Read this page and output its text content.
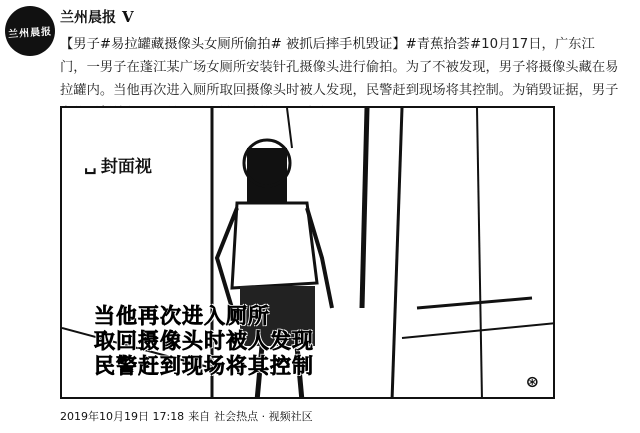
兰州晨报
兰州晨报 V
【男子#易拉罐藏摄像头女厕所偷拍# 被抓后摔手机毁证】#青蕉拾荟#10月17日，广东江
门，一男子在蓬江某广场女厕所安装针孔摄像头进行偷拍。为了不被发现，男子将摄像头藏在易
拉罐内。当他再次进入厕所取回摄像头时被人发现，民警赶到现场将其控制。为销毁证据，男子
␣ 封面视
当他再次进入厕所
取回摄像头时被人发现
民警赶到现场将其控制
⊛
2019年10月19日 17:18 来自 社会热点 · 视频社区
